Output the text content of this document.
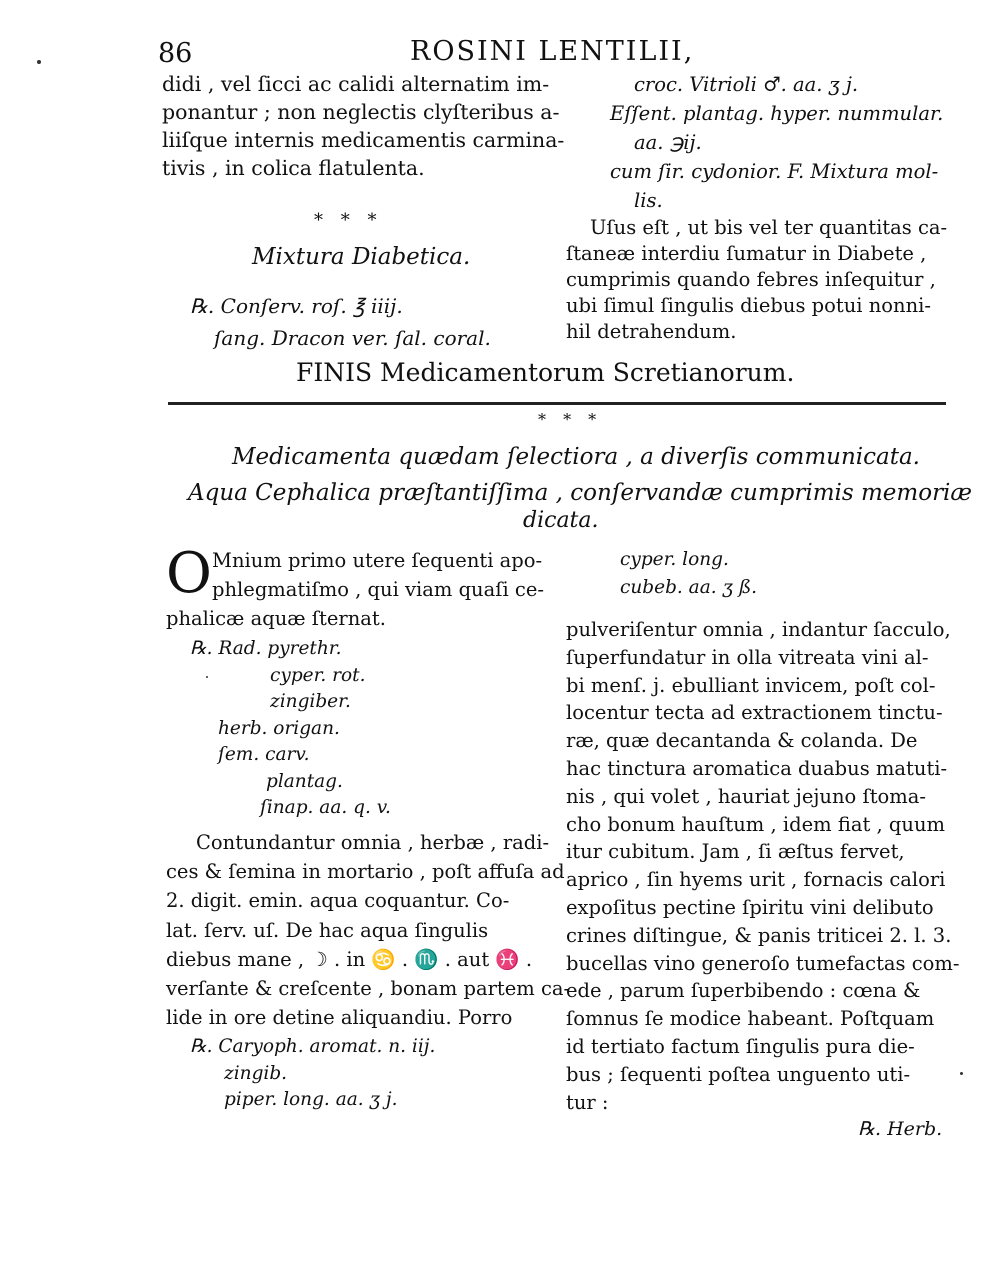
86	ROSINI LENTILII,
didi , vel ſicci ac calidi alternatim im-
ponantur ; non neglectis clyſteribus a-
liiſque internis medicamentis carmina-
tivis , in colica flatulenta.
* * *
Mixtura Diabetica.
℞. Conſerv. roſ. ℥ iiij.
ſang. Dracon ver. ſal. coral.
croc. Vitrioli ♂. aa. ʒ j.
Eſſent. plantag. hyper. nummular.
aa. ℈ij.
cum ſir. cydonior. F. Mixtura mol-
lis.
Uſus eſt , ut bis vel ter quantitas ca-
ſtaneæ interdiu ſumatur in Diabete ,
cumprimis quando febres inſequitur ,
ubi ſimul ſingulis diebus potui nonni-
hil detrahendum.
FINIS Medicamentorum Scretianorum.
* * *
Medicamenta quædam ſelectiora , a diverſis communicata.
Aqua Cephalica præſtantiſſima , conſervandæ cumprimis memoriæ
dicata.
O Mnium primo utere ſequenti apo-
phlegmatiſmo , qui viam quaſi ce-
phalicæ aquæ ſternat.
℞. Rad. pyrethr.
cyper. rot.
zingiber.
herb. origan.
ſem. carv.
plantag.
ſinap. aa. q. v.
Contundantur omnia , herbæ , radi-
ces & ſemina in mortario , poſt affuſa ad
2. digit. emin. aqua coquantur. Co-
lat. ſerv. uſ. De hac aqua ſingulis
diebus mane , ☽ . in ♋ . ♏ . aut ♓ .
verſante & creſcente , bonam partem ca-
lide in ore detine aliquandiu. Porro
℞. Caryoph. aromat. n. iij.
zingib.
piper. long. aa. ʒ j.
cyper. long.
cubeb. aa. ʒ ß.
pulveriſentur omnia , indantur ſacculo,
ſuperfundatur in olla vitreata vini al-
bi menſ. j. ebulliant invicem, poſt col-
locentur tecta ad extractionem tinctu-
ræ, quæ decantanda & colanda. De
hac tinctura aromatica duabus matuti-
nis , qui volet , hauriat jejuno ſtoma-
cho bonum hauſtum , idem fiat , quum
itur cubitum. Jam , ſi æſtus fervet,
aprico , ſin hyems urit , fornacis calori
expoſitus pectine ſpiritu vini delibuto
crines diſtingue, & panis triticei 2. l. 3.
bucellas vino generoſo tumefactas com-
ede , parum ſuperbibendo : cœna &
ſomnus ſe modice habeant. Poſtquam
id tertiato factum ſingulis pura die-
bus ; ſequenti poſtea unguento uti-
tur :
℞. Herb.
